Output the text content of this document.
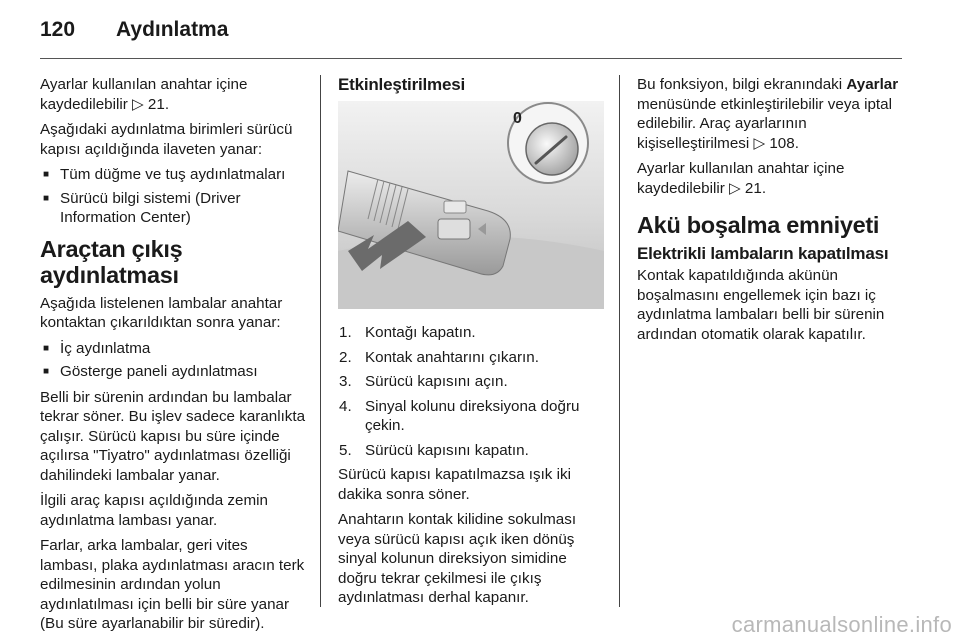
120 Aydınlatma

Ayarlar kullanılan anahtar içine kaydedilebilir ▷ 21.

Aşağıdaki aydınlatma birimleri sürücü kapısı açıldığında ilaveten yanar:

■ Tüm düğme ve tuş aydınlatmaları
■ Sürücü bilgi sistemi (Driver Information Center)
Araçtan çıkış aydınlatması

Aşağıda listelenen lambalar anahtar kontaktan çıkarıldıktan sonra yanar:

■ İç aydınlatma
■ Gösterge paneli aydınlatması

Belli bir sürenin ardından bu lambalar tekrar söner. Bu işlev sadece karanlıkta çalışır. Sürücü kapısı bu süre içinde açılırsa "Tiyatro" aydınlatması özelliği dahilindeki lambalar yanar.

İlgili araç kapısı açıldığında zemin aydınlatma lambası yanar.

Farlar, arka lambalar, geri vites lambası, plaka aydınlatması aracın terk edilmesinin ardından yolun aydınlatılması için belli bir süre yanar (Bu süre ayarlanabilir bir süredir).

Etkinleştirilmesi
0
1. Kontağı kapatın.
2. Kontak anahtarını çıkarın.
3. Sürücü kapısını açın.
4. Sinyal kolunu direksiyona doğru çekin.
5. Sürücü kapısını kapatın.

Sürücü kapısı kapatılmazsa ışık iki dakika sonra söner.

Anahtarın kontak kilidine sokulması veya sürücü kapısı açık iken dönüş sinyal kolunun direksiyon simidine doğru tekrar çekilmesi ile çıkış aydınlatması derhal kapanır.

Bu fonksiyon, bilgi ekranındaki Ayarlar menüsünde etkinleştirilebilir veya iptal edilebilir. Araç ayarlarının kişiselleştirilmesi ▷ 108.

Ayarlar kullanılan anahtar içine kaydedilebilir ▷ 21.

Akü boşalma emniyeti
Elektrikli lambaların kapatılması

Kontak kapatıldığında akünün boşalmasını engellemek için bazı iç aydınlatma lambaları belli bir sürenin ardından otomatik olarak kapatılır.

carmanualsonline.info
